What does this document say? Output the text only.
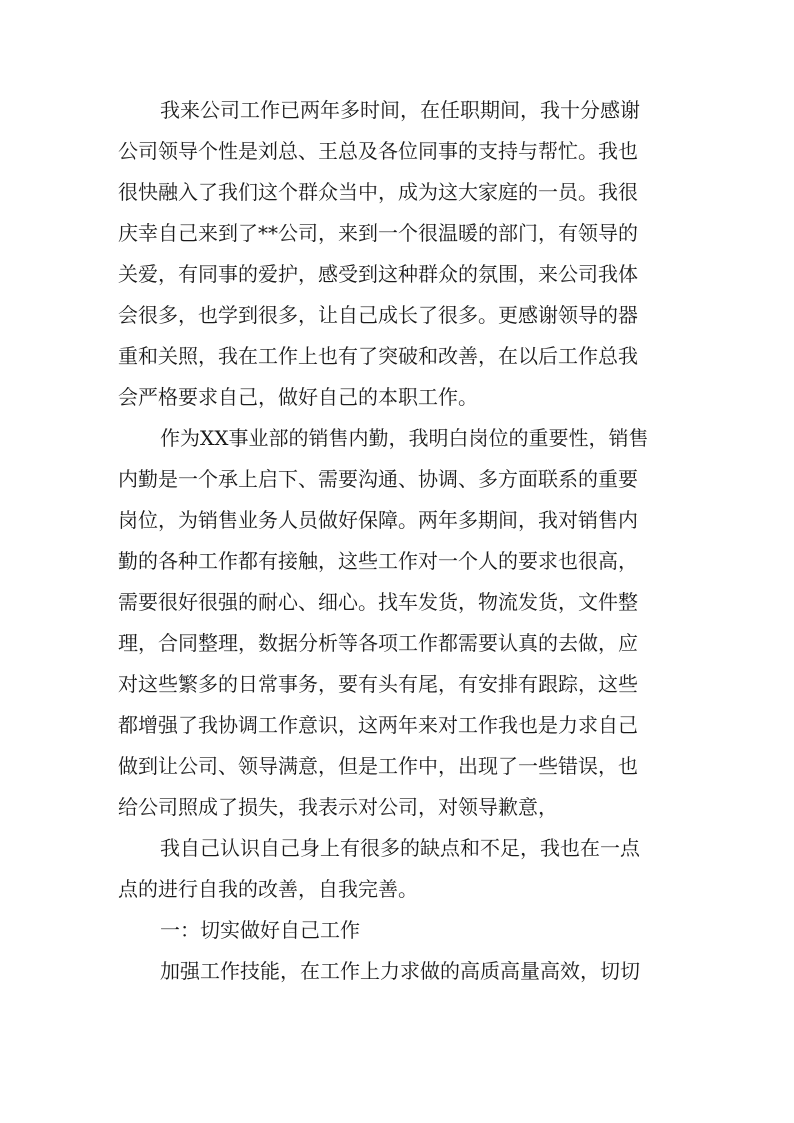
我来公司工作已两年多时间，在任职期间，我十分感谢
公司领导个性是刘总、王总及各位同事的支持与帮忙。我也
很快融入了我们这个群众当中，成为这大家庭的一员。我很
庆幸自己来到了**公司，来到一个很温暖的部门，有领导的
关爱，有同事的爱护，感受到这种群众的氛围，来公司我体
会很多，也学到很多，让自己成长了很多。更感谢领导的器
重和关照，我在工作上也有了突破和改善，在以后工作总我
会严格要求自己，做好自己的本职工作。
作为XX事业部的销售内勤，我明白岗位的重要性，销售
内勤是一个承上启下、需要沟通、协调、多方面联系的重要
岗位，为销售业务人员做好保障。两年多期间，我对销售内
勤的各种工作都有接触，这些工作对一个人的要求也很高，
需要很好很强的耐心、细心。找车发货，物流发货，文件整
理，合同整理，数据分析等各项工作都需要认真的去做，应
对这些繁多的日常事务，要有头有尾，有安排有跟踪，这些
都增强了我协调工作意识，这两年来对工作我也是力求自己
做到让公司、领导满意，但是工作中，出现了一些错误，也
给公司照成了损失，我表示对公司，对领导歉意，
我自己认识自己身上有很多的缺点和不足，我也在一点
点的进行自我的改善，自我完善。
一：切实做好自己工作
加强工作技能，在工作上力求做的高质高量高效，切切
